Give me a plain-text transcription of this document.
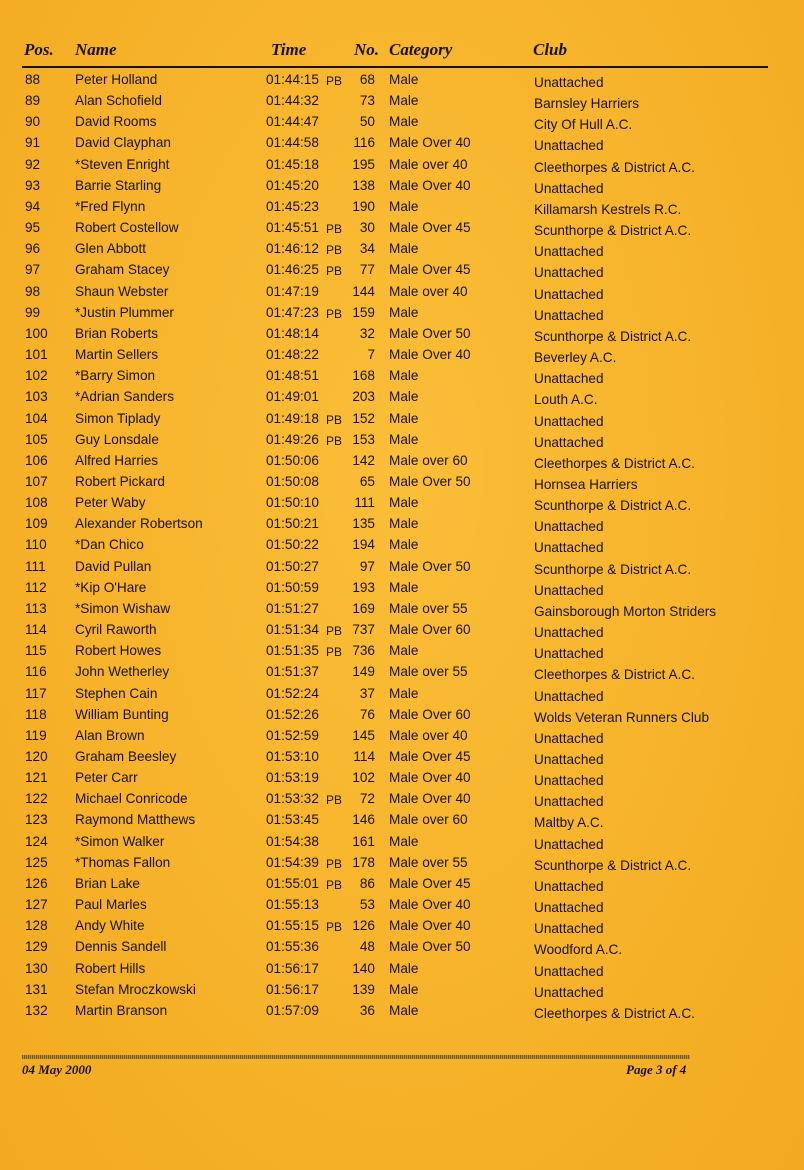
Pos. Name	Time	No. Category	Club
88	Peter Holland	01:44:15 PB	68 Male	Unattached
89	Alan Schofield	01:44:32	73 Male	Barnsley Harriers
90	David Rooms	01:44:47	50 Male	City Of Hull A.C.
91	David Clayphan	01:44:58	116 Male Over 40	Unattached
92	*Steven Enright	01:45:18	195 Male over 40	Cleethorpes & District A.C.
93	Barrie Starling	01:45:20	138 Male Over 40	Unattached
94	*Fred Flynn	01:45:23	190 Male	Killamarsh Kestrels R.C.
95	Robert Costellow	01:45:51 PB	30 Male Over 45	Scunthorpe & District A.C.
96	Glen Abbott	01:46:12 PB	34 Male	Unattached
97	Graham Stacey	01:46:25 PB	77 Male Over 45	Unattached
98	Shaun Webster	01:47:19	144 Male over 40	Unattached
99	*Justin Plummer	01:47:23 PB 159 Male	Unattached
100 Brian Roberts	01:48:14	32 Male Over 50	Scunthorpe & District A.C.
101 Martin Sellers	01:48:22	7 Male Over 40	Beverley A.C.
102 *Barry Simon	01:48:51	168 Male	Unattached
103 *Adrian Sanders	01:49:01	203 Male	Louth A.C.
104 Simon Tiplady	01:49:18 PB 152 Male	Unattached
105 Guy Lonsdale	01:49:26 PB 153 Male	Unattached
106 Alfred Harries	01:50:06	142 Male over 60	Cleethorpes & District A.C.
107 Robert Pickard	01:50:08	65 Male Over 50	Hornsea Harriers
108 Peter Waby	01:50:10	111 Male	Scunthorpe & District A.C.
109 Alexander Robertson	01:50:21	135 Male	Unattached
110 *Dan Chico	01:50:22	194 Male	Unattached
111 David Pullan	01:50:27	97 Male Over 50	Scunthorpe & District A.C.
112 *Kip O'Hare	01:50:59	193 Male	Unattached
113 *Simon Wishaw	01:51:27	169 Male over 55	Gainsborough Morton Striders
114 Cyril Raworth	01:51:34 PB 737 Male Over 60	Unattached
115 Robert Howes	01:51:35 PB 736 Male	Unattached
116 John Wetherley	01:51:37	149 Male over 55	Cleethorpes & District A.C.
117 Stephen Cain	01:52:24	37 Male	Unattached
118 William Bunting	01:52:26	76 Male Over 60	Wolds Veteran Runners Club
119 Alan Brown	01:52:59	145 Male over 40	Unattached
120 Graham Beesley	01:53:10	114 Male Over 45	Unattached
121 Peter Carr	01:53:19	102 Male Over 40	Unattached
122 Michael Conricode	01:53:32 PB	72 Male Over 40	Unattached
123 Raymond Matthews	01:53:45	146 Male over 60	Maltby A.C.
124 *Simon Walker	01:54:38	161 Male	Unattached
125 *Thomas Fallon	01:54:39 PB 178 Male over 55	Scunthorpe & District A.C.
126 Brian Lake	01:55:01 PB	86 Male Over 45	Unattached
127 Paul Marles	01:55:13	53 Male Over 40	Unattached
128 Andy White	01:55:15 PB 126 Male Over 40	Unattached
129 Dennis Sandell	01:55:36	48 Male Over 50	Woodford A.C.
130 Robert Hills	01:56:17	140 Male	Unattached
131 Stefan Mroczkowski	01:56:17	139 Male	Unattached
132 Martin Branson	01:57:09	36 Male	Cleethorpes & District A.C.
04 May 2000	Page 3 of 4
